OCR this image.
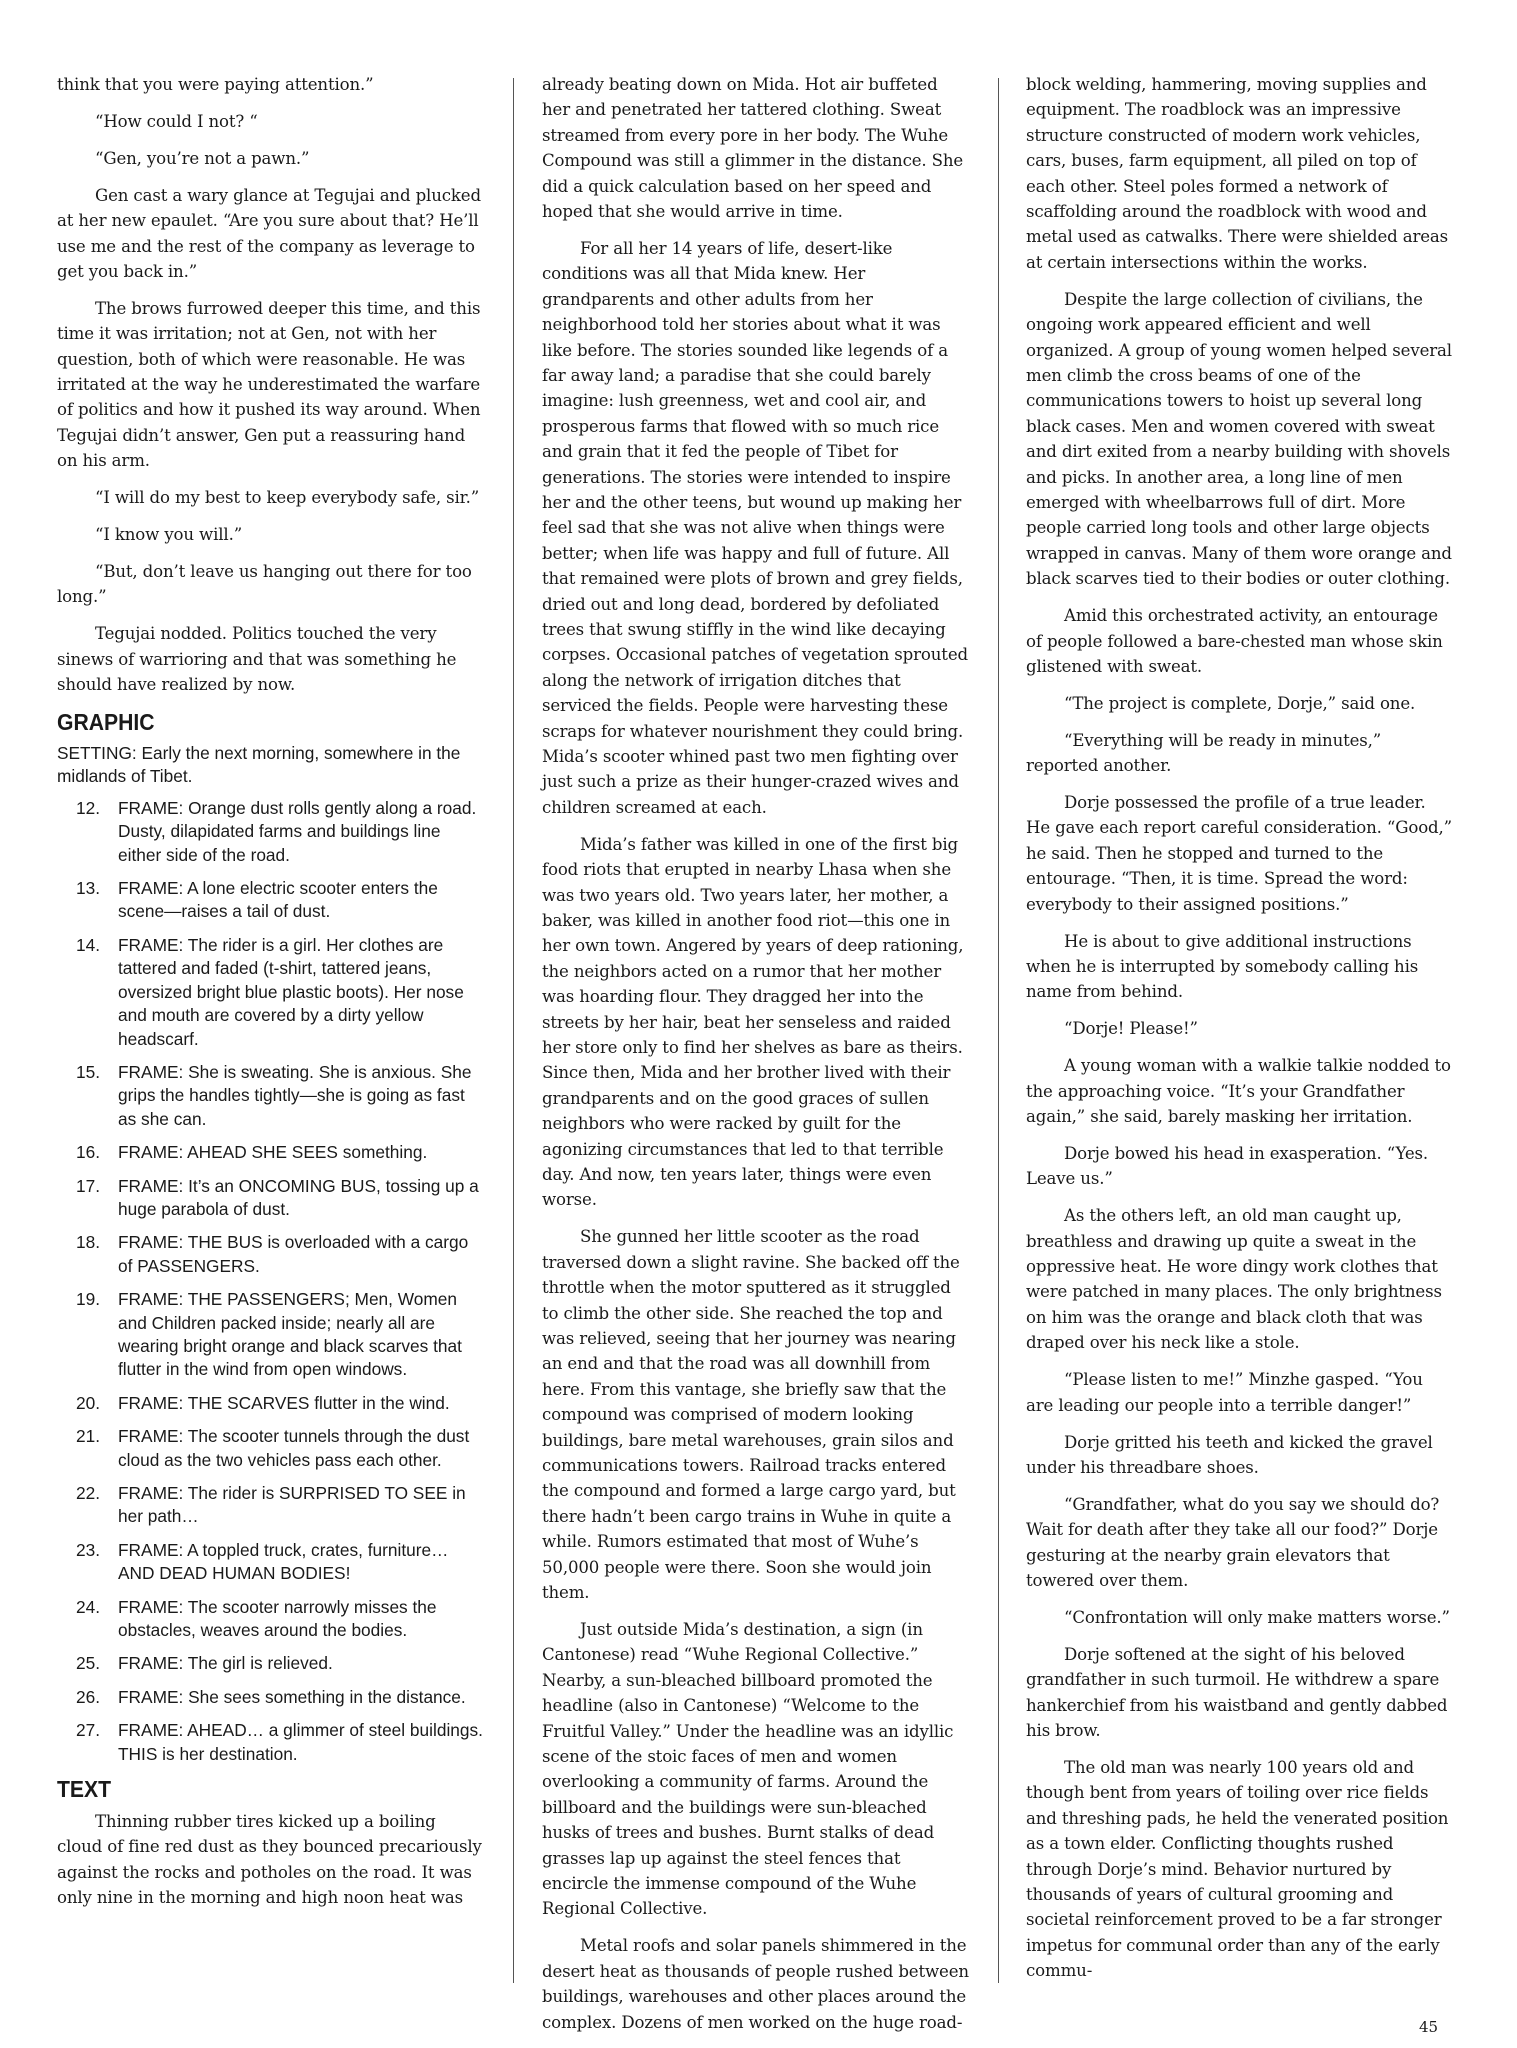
think that you were paying attention.”

“How could I not? “

“Gen, you’re not a pawn.”

Gen cast a wary glance at Tegujai and plucked at her new epaulet. “Are you sure about that? He’ll use me and the rest of the company as leverage to get you back in.”

The brows furrowed deeper this time, and this time it was irritation; not at Gen, not with her question, both of which were reasonable. He was irritated at the way he underestimated the warfare of politics and how it pushed its way around. When Tegujai didn’t answer, Gen put a reassuring hand on his arm.

“I will do my best to keep everybody safe, sir.”

“I know you will.”

“But, don’t leave us hanging out there for too long.”

Tegujai nodded. Politics touched the very sinews of warrioring and that was something he should have realized by now.

GRAPHIC

SETTING: Early the next morning, somewhere in the midlands of Tibet.

12. FRAME: Orange dust rolls gently along a road. Dusty, dilapidated farms and buildings line either side of the road.
13. FRAME: A lone electric scooter enters the scene—raises a tail of dust.
14. FRAME: The rider is a girl. Her clothes are tattered and faded (t-shirt, tattered jeans, oversized bright blue plastic boots). Her nose and mouth are covered by a dirty yellow headscarf.
15. FRAME: She is sweating. She is anxious. She grips the handles tightly—she is going as fast as she can.
16. FRAME: AHEAD SHE SEES something.
17. FRAME: It’s an ONCOMING BUS, tossing up a huge parabola of dust.
18. FRAME: THE BUS is overloaded with a cargo of PASSENGERS.
19. FRAME: THE PASSENGERS; Men, Women and Children packed inside; nearly all are wearing bright orange and black scarves that flutter in the wind from open windows.
20. FRAME: THE SCARVES flutter in the wind.
21. FRAME: The scooter tunnels through the dust cloud as the two vehicles pass each other.
22. FRAME: The rider is SURPRISED TO SEE in her path…
23. FRAME: A toppled truck, crates, furniture… AND DEAD HUMAN BODIES!
24. FRAME: The scooter narrowly misses the obstacles, weaves around the bodies.
25. FRAME: The girl is relieved.
26. FRAME: She sees something in the distance.
27. FRAME: AHEAD… a glimmer of steel buildings. THIS is her destination.
TEXT

Thinning rubber tires kicked up a boiling cloud of fine red dust as they bounced precariously against the rocks and potholes on the road. It was only nine in the morning and high noon heat was

already beating down on Mida. Hot air buffeted her and penetrated her tattered clothing. Sweat streamed from every pore in her body. The Wuhe Compound was still a glimmer in the distance. She did a quick calculation based on her speed and hoped that she would arrive in time.

For all her 14 years of life, desert-like conditions was all that Mida knew. Her grandparents and other adults from her neighborhood told her stories about what it was like before. The stories sounded like legends of a far away land; a paradise that she could barely imagine: lush greenness, wet and cool air, and prosperous farms that flowed with so much rice and grain that it fed the people of Tibet for generations. The stories were intended to inspire her and the other teens, but wound up making her feel sad that she was not alive when things were better; when life was happy and full of future. All that remained were plots of brown and grey fields, dried out and long dead, bordered by defoliated trees that swung stiffly in the wind like decaying corpses. Occasional patches of vegetation sprouted along the network of irrigation ditches that serviced the fields. People were harvesting these scraps for whatever nourishment they could bring. Mida’s scooter whined past two men fighting over just such a prize as their hunger-crazed wives and children screamed at each.

Mida’s father was killed in one of the first big food riots that erupted in nearby Lhasa when she was two years old. Two years later, her mother, a baker, was killed in another food riot—this one in her own town. Angered by years of deep rationing, the neighbors acted on a rumor that her mother was hoarding flour. They dragged her into the streets by her hair, beat her senseless and raided her store only to find her shelves as bare as theirs. Since then, Mida and her brother lived with their grandparents and on the good graces of sullen neighbors who were racked by guilt for the agonizing circumstances that led to that terrible day. And now, ten years later, things were even worse.

She gunned her little scooter as the road traversed down a slight ravine. She backed off the throttle when the motor sputtered as it struggled to climb the other side. She reached the top and was relieved, seeing that her journey was nearing an end and that the road was all downhill from here. From this vantage, she briefly saw that the compound was comprised of modern looking buildings, bare metal warehouses, grain silos and communications towers. Railroad tracks entered the compound and formed a large cargo yard, but there hadn’t been cargo trains in Wuhe in quite a while. Rumors estimated that most of Wuhe’s 50,000 people were there. Soon she would join them.

Just outside Mida’s destination, a sign (in Cantonese) read “Wuhe Regional Collective.” Nearby, a sun-bleached billboard promoted the headline (also in Cantonese) “Welcome to the Fruitful Valley.” Under the headline was an idyllic scene of the stoic faces of men and women overlooking a community of farms. Around the billboard and the buildings were sun-bleached husks of trees and bushes. Burnt stalks of dead grasses lap up against the steel fences that encircle the immense compound of the Wuhe Regional Collective.

Metal roofs and solar panels shimmered in the desert heat as thousands of people rushed between buildings, warehouses and other places around the complex. Dozens of men worked on the huge road-

block welding, hammering, moving supplies and equipment. The roadblock was an impressive structure constructed of modern work vehicles, cars, buses, farm equipment, all piled on top of each other. Steel poles formed a network of scaffolding around the roadblock with wood and metal used as catwalks. There were shielded areas at certain intersections within the works.

Despite the large collection of civilians, the ongoing work appeared efficient and well organized. A group of young women helped several men climb the cross beams of one of the communications towers to hoist up several long black cases. Men and women covered with sweat and dirt exited from a nearby building with shovels and picks. In another area, a long line of men emerged with wheelbarrows full of dirt. More people carried long tools and other large objects wrapped in canvas. Many of them wore orange and black scarves tied to their bodies or outer clothing.

Amid this orchestrated activity, an entourage of people followed a bare-chested man whose skin glistened with sweat.

“The project is complete, Dorje,” said one.

“Everything will be ready in minutes,” reported another.

Dorje possessed the profile of a true leader. He gave each report careful consideration. “Good,” he said. Then he stopped and turned to the entourage. “Then, it is time. Spread the word: everybody to their assigned positions.”

He is about to give additional instructions when he is interrupted by somebody calling his name from behind.

“Dorje! Please!”

A young woman with a walkie talkie nodded to the approaching voice. “It’s your Grandfather again,” she said, barely masking her irritation.

Dorje bowed his head in exasperation. “Yes. Leave us.”

As the others left, an old man caught up, breathless and drawing up quite a sweat in the oppressive heat. He wore dingy work clothes that were patched in many places. The only brightness on him was the orange and black cloth that was draped over his neck like a stole.

“Please listen to me!” Minzhe gasped. “You are leading our people into a terrible danger!”

Dorje gritted his teeth and kicked the gravel under his threadbare shoes.

“Grandfather, what do you say we should do? Wait for death after they take all our food?” Dorje gesturing at the nearby grain elevators that towered over them.

“Confrontation will only make matters worse.”

Dorje softened at the sight of his beloved grandfather in such turmoil. He withdrew a spare hankerchief from his waistband and gently dabbed his brow.

The old man was nearly 100 years old and though bent from years of toiling over rice fields and threshing pads, he held the venerated position as a town elder. Conflicting thoughts rushed through Dorje’s mind. Behavior nurtured by thousands of years of cultural grooming and societal reinforcement proved to be a far stronger impetus for communal order than any of the early commu-

45
